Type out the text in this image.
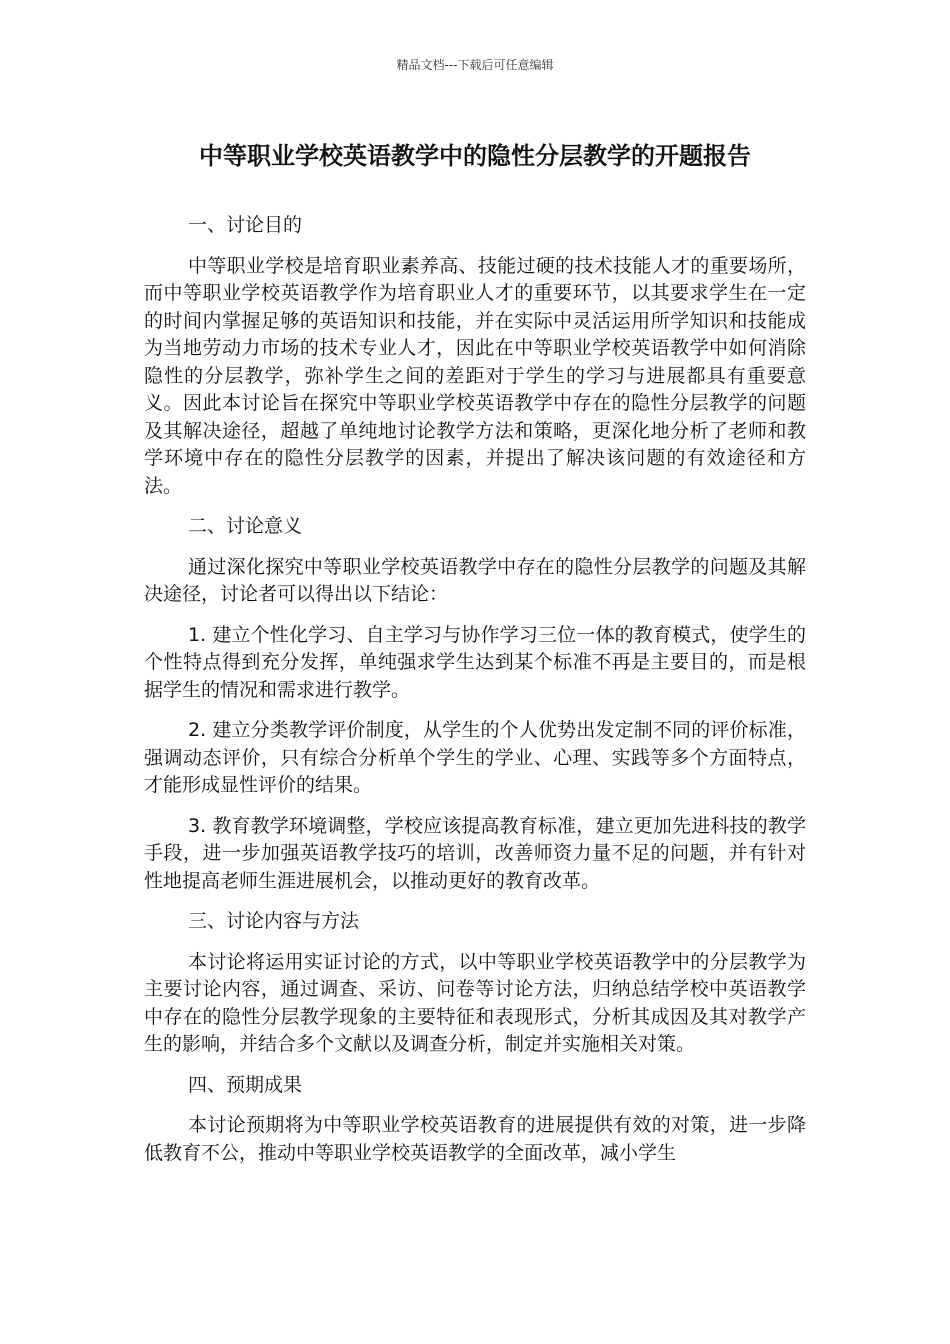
精品文档---下载后可任意编辑
中等职业学校英语教学中的隐性分层教学的开题报告

一、讨论目的

中等职业学校是培育职业素养高、技能过硬的技术技能人才的重要场所，而中等职业学校英语教学作为培育职业人才的重要环节，以其要求学生在一定的时间内掌握足够的英语知识和技能，并在实际中灵活运用所学知识和技能成为当地劳动力市场的技术专业人才，因此在中等职业学校英语教学中如何消除隐性的分层教学，弥补学生之间的差距对于学生的学习与进展都具有重要意义。因此本讨论旨在探究中等职业学校英语教学中存在的隐性分层教学的问题及其解决途径，超越了单纯地讨论教学方法和策略，更深化地分析了老师和教学环境中存在的隐性分层教学的因素，并提出了解决该问题的有效途径和方法。

二、讨论意义

通过深化探究中等职业学校英语教学中存在的隐性分层教学的问题及其解决途径，讨论者可以得出以下结论：

1. 建立个性化学习、自主学习与协作学习三位一体的教育模式，使学生的个性特点得到充分发挥，单纯强求学生达到某个标准不再是主要目的，而是根据学生的情况和需求进行教学。

2. 建立分类教学评价制度，从学生的个人优势出发定制不同的评价标准，强调动态评价，只有综合分析单个学生的学业、心理、实践等多个方面特点，才能形成显性评价的结果。

3. 教育教学环境调整，学校应该提高教育标准，建立更加先进科技的教学手段，进一步加强英语教学技巧的培训，改善师资力量不足的问题，并有针对性地提高老师生涯进展机会，以推动更好的教育改革。

三、讨论内容与方法

本讨论将运用实证讨论的方式，以中等职业学校英语教学中的分层教学为主要讨论内容，通过调查、采访、问卷等讨论方法，归纳总结学校中英语教学中存在的隐性分层教学现象的主要特征和表现形式，分析其成因及其对教学产生的影响，并结合多个文献以及调查分析，制定并实施相关对策。

四、预期成果

本讨论预期将为中等职业学校英语教育的进展提供有效的对策，进一步降低教育不公，推动中等职业学校英语教学的全面改革，减小学生
